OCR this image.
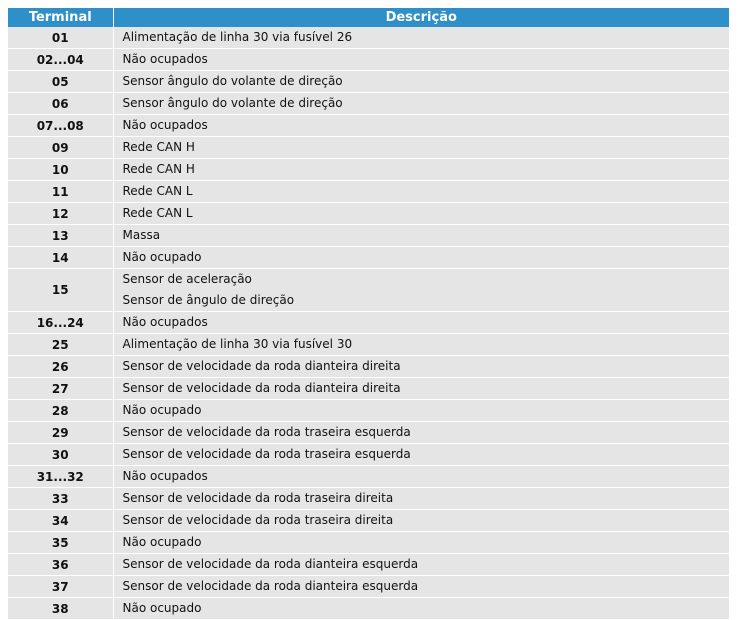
Terminal	Descrição
01	Alimentação de linha 30 via fusível 26

02...04	Não ocupados

05	Sensor ângulo do volante de direção

06	Sensor ângulo do volante de direção

07...08	Não ocupados

09	Rede CAN H

10	Rede CAN H

11	Rede CAN L

12	Rede CAN L

13	Massa

14	Não ocupado

15	Sensor de aceleração
Sensor de ângulo de direção

16...24	Não ocupados

25	Alimentação de linha 30 via fusível 30

26	Sensor de velocidade da roda dianteira direita

27	Sensor de velocidade da roda dianteira direita

28	Não ocupado

29	Sensor de velocidade da roda traseira esquerda

30	Sensor de velocidade da roda traseira esquerda

31...32	Não ocupados

33	Sensor de velocidade da roda traseira direita

34	Sensor de velocidade da roda traseira direita

35	Não ocupado

36	Sensor de velocidade da roda dianteira esquerda

37	Sensor de velocidade da roda dianteira esquerda

38	Não ocupado
